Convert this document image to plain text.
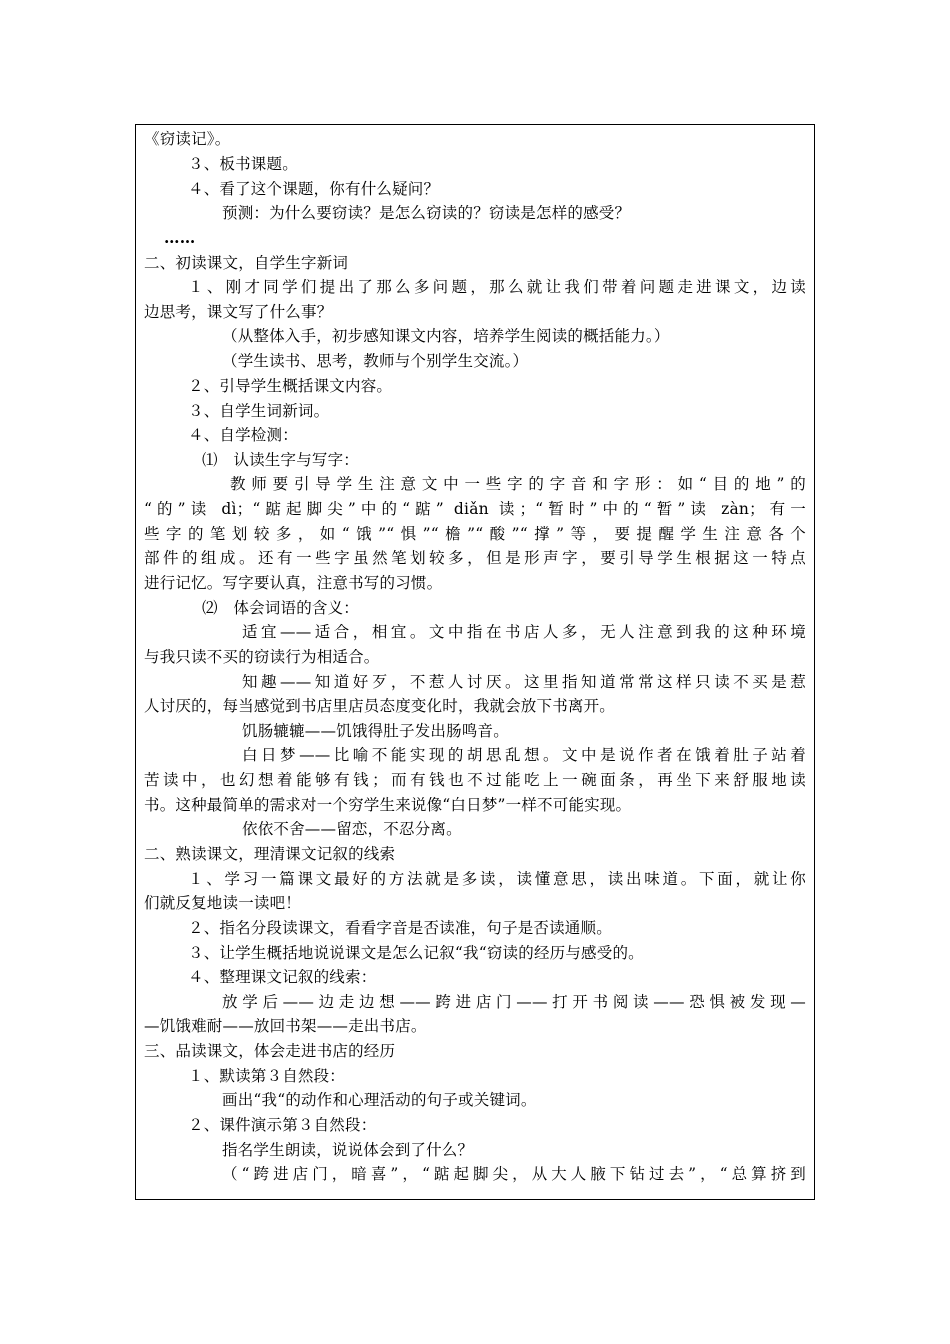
《窃读记》。
３、板书课题。
４、看了这个课题，你有什么疑问？
预测：为什么要窃读？是怎么窃读的？窃读是怎样的感受？
……
二、初读课文，自学生字新词
１、刚才同学们提出了那么多问题，那么就让我们带着问题走进课文，边读
边思考，课文写了什么事？
（从整体入手，初步感知课文内容，培养学生阅读的概括能力。）
（学生读书、思考，教师与个别学生交流。）
２、引导学生概括课文内容。
３、自学生词新词。
４、自学检测：
⑴　认读生字与写字：
教师要引导学生注意文中一些字的字音和字形：如“目的地”的
“的”读 dì；“踮起脚尖”中的“踮” diǎn 读；“暂时”中的“暂”读 zàn；有一
些字的笔划较多，如“饿”“惧”“檐”“酸”“撑”等，要提醒学生注意各个
部件的组成。还有一些字虽然笔划较多，但是形声字，要引导学生根据这一特点
进行记忆。写字要认真，注意书写的习惯。
⑵　体会词语的含义：
适宜——适合，相宜。文中指在书店人多，无人注意到我的这种环境
与我只读不买的窃读行为相适合。
知趣——知道好歹，不惹人讨厌。这里指知道常常这样只读不买是惹
人讨厌的，每当感觉到书店里店员态度变化时，我就会放下书离开。
饥肠辘辘——饥饿得肚子发出肠鸣音。
白日梦——比喻不能实现的胡思乱想。文中是说作者在饿着肚子站着
苦读中，也幻想着能够有钱；而有钱也不过能吃上一碗面条，再坐下来舒服地读
书。这种最简单的需求对一个穷学生来说像“白日梦”一样不可能实现。
依依不舍——留恋，不忍分离。
二、熟读课文，理清课文记叙的线索
１、学习一篇课文最好的方法就是多读，读懂意思，读出味道。下面，就让你
们就反复地读一读吧！
２、指名分段读课文，看看字音是否读准，句子是否读通顺。
３、让学生概括地说说课文是怎么记叙“我“窃读的经历与感受的。
４、整理课文记叙的线索：
放学后——边走边想——跨进店门——打开书阅读——恐惧被发现—
—饥饿难耐——放回书架——走出书店。
三、品读课文，体会走进书店的经历
１、默读第３自然段：
画出“我“的动作和心理活动的句子或关键词。
２、课件演示第３自然段：
指名学生朗读，说说体会到了什么？
（“跨进店门，暗喜”，“踮起脚尖，从大人腋下钻过去”，“总算挤到
